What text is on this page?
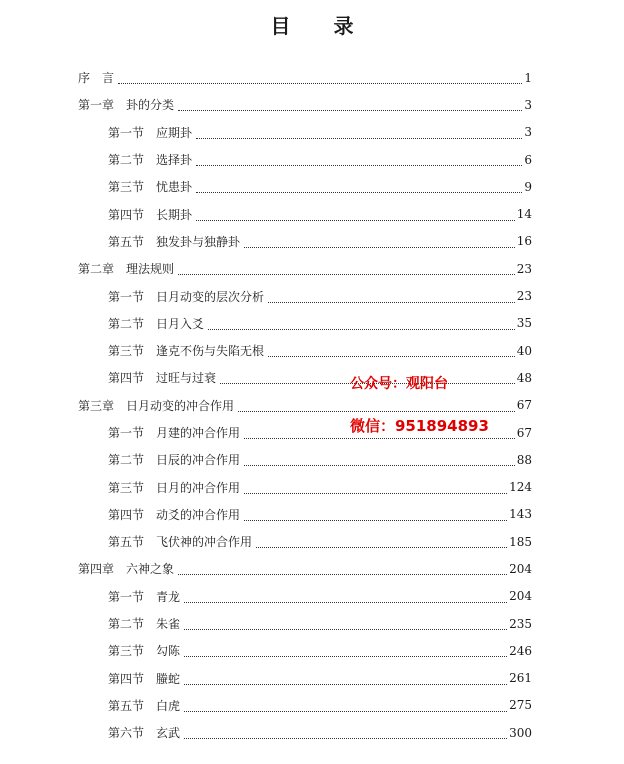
目 录
序　言	1
第一章　卦的分类	3
第一节　应期卦	3
第二节　选择卦	6
第三节　忧患卦	9
第四节　长期卦	14
第五节　独发卦与独静卦	16
第二章　理法规则	23
第一节　日月动变的层次分析	23
第二节　日月入爻	35
第三节　逢克不伤与失陷无根	40
第四节　过旺与过衰	48
第三章　日月动变的冲合作用	67
第一节　月建的冲合作用	67
第二节　日辰的冲合作用	88
第三节　日月的冲合作用	124
第四节　动爻的冲合作用	143
第五节　飞伏神的冲合作用	185
第四章　六神之象	204
第一节　青龙	204
第二节　朱雀	235
第三节　勾陈	246
第四节　螣蛇	261
第五节　白虎	275
第六节　玄武	300
公众号：观阳台
微信：951894893
